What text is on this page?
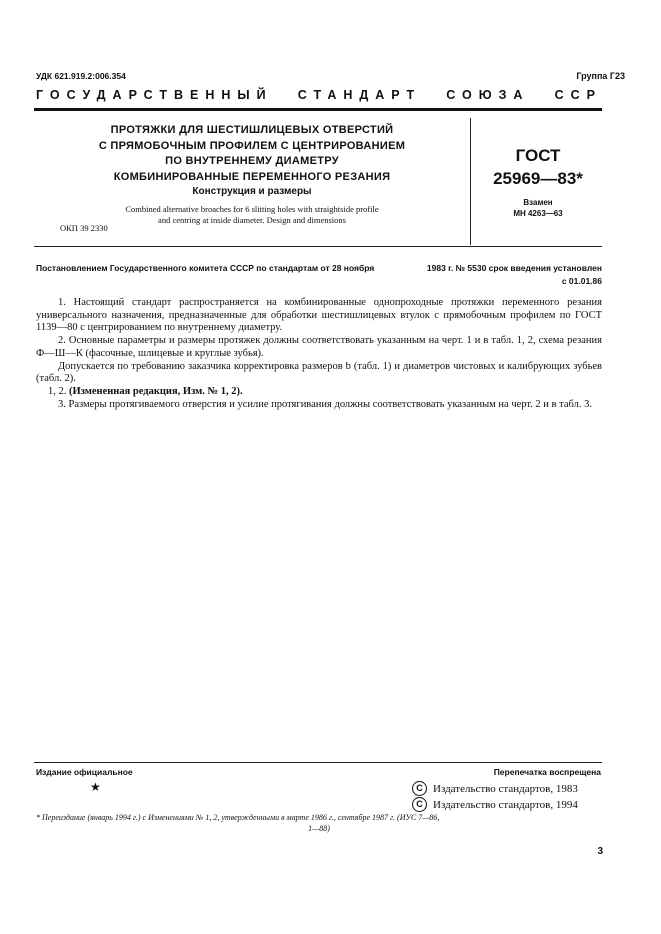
УДК 621.919.2:006.354	Группа Г23
ГОСУДАРСТВЕННЫЙ СТАНДАРТ СОЮЗА ССР
ПРОТЯЖКИ ДЛЯ ШЕСТИШЛИЦЕВЫХ ОТВЕРСТИЙ
С ПРЯМОБОЧНЫМ ПРОФИЛЕМ С ЦЕНТРИРОВАНИЕМ
ПО ВНУТРЕННЕМУ ДИАМЕТРУ
КОМБИНИРОВАННЫЕ ПЕРЕМЕННОГО РЕЗАНИЯ
Конструкция и размеры
Combined alternative broaches for 6 slitting holes with straightside profile
and centring at inside diameter. Design and dimensions
ОКП 39 2330
ГОСТ
25969—83*
Взамен
МН 4263—63
Постановлением Государственного комитета СССР по стандартам от 28 ноября	1983 г. № 5530 срок введения установлен
с 01.01.86

1. Настоящий стандарт распространяется на комбинированные однопроходные протяжки переменного резания универсального назначения, предназначенные для обработки шестишлицевых втулок с прямобочным профилем по ГОСТ 1139—80 с центрированием по внутреннему диаметру.

2. Основные параметры и размеры протяжек должны соответствовать указанным на черт. 1 и в табл. 1, 2, схема резания Ф—Ш—К (фасочные, шлицевые и круглые зубья).

Допускается по требованию заказчика корректировка размеров b (табл. 1) и диаметров чистовых и калибрующих зубьев (табл. 2).

1, 2. (Измененная редакция, Изм. № 1, 2).

3. Размеры протягиваемого отверстия и усилие протягивания должны соответствовать указанным на черт. 2 и в табл. 3.

Издание официальное
★
Перепечатка воспрещена
C Издательство стандартов, 1983
C Издательство стандартов, 1994
* Переиздание (январь 1994 г.) с Изменениями № 1, 2, утвержденными в марте 1986 г., сентябре 1987 г. (ИУС 7—86,
1—88)
3
